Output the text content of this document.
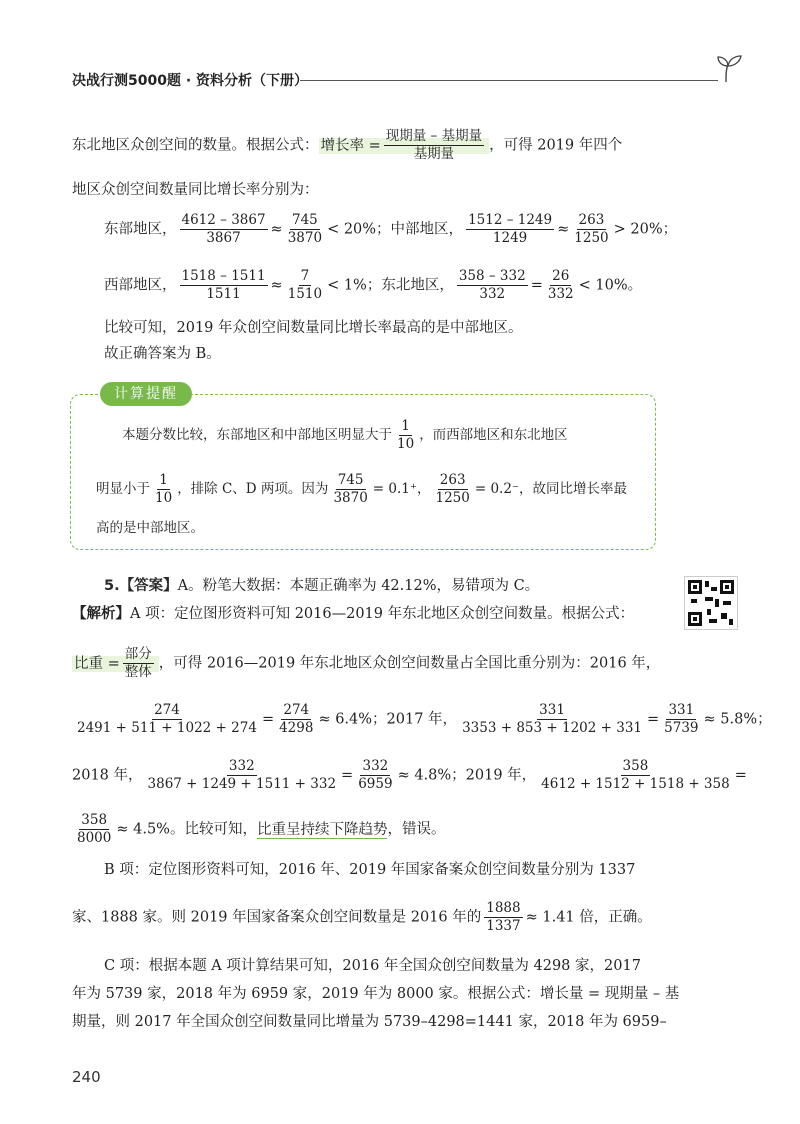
决战行测5000题 · 资料分析（下册）
东北地区众创空间的数量。根据公式： 增长率 = $\frac{\text{现期量 – 基期量}}{\text{基期量}}$ ，可得 2019 年四个
地区众创空间数量同比增长率分别为：
东部地区， $\frac{4612 - 3867}{3867} \approx \frac{745}{3870} < 20\%$；中部地区， $\frac{1512 - 1249}{1249} \approx \frac{263}{1250} > 20\%$；
西部地区， $\frac{1518 - 1511}{1511} \approx \frac{7}{1510} < 1\%$；东北地区， $\frac{358 - 332}{332} = \frac{26}{332} < 10\%$。
比较可知，2019 年众创空间数量同比增长率最高的是中部地区。
故正确答案为 B。
计算提醒
本题分数比较，东部地区和中部地区明显大于 $\frac{1}{10}$ ，而西部地区和东北地区
明显小于 $\frac{1}{10}$ ，排除 C、D 两项。因为 $\frac{745}{3870} = 0.1^+$， $\frac{263}{1250} = 0.2^-$，故同比增长率最
高的是中部地区。
5.【答案】A。粉笔大数据：本题正确率为 42.12%，易错项为 C。
【解析】A 项：定位图形资料可知 2016—2019 年东北地区众创空间数量。根据公式：
比重 = $\frac{\text{部分}}{\text{整体}}$ ，可得 2016—2019 年东北地区众创空间数量占全国比重分别为：2016 年，
$\frac{274}{2491 + 511 + 1022 + 274} = \frac{274}{4298} \approx 6.4\%$；2017 年， $\frac{331}{3353 + 853 + 1202 + 331} = \frac{331}{5739} \approx 5.8\%$；
2018 年， $\frac{332}{3867 + 1249 + 1511 + 332} = \frac{332}{6959} \approx 4.8\%$；2019 年， $\frac{358}{4612 + 1512 + 1518 + 358}$ =
$\frac{358}{8000} \approx 4.5\%$。比较可知，比重呈持续下降趋势，错误。
B 项：定位图形资料可知，2016 年、2019 年国家备案众创空间数量分别为 1337
家、1888 家。则 2019 年国家备案众创空间数量是 2016 年的 $\frac{1888}{1337} \approx 1.41$ 倍，正确。
C 项：根据本题 A 项计算结果可知，2016 年全国众创空间数量为 4298 家，2017
年为 5739 家，2018 年为 6959 家，2019 年为 8000 家。根据公式：增长量 = 现期量 – 基
期量，则 2017 年全国众创空间数量同比增量为 5739–4298=1441 家，2018 年为 6959–
240
